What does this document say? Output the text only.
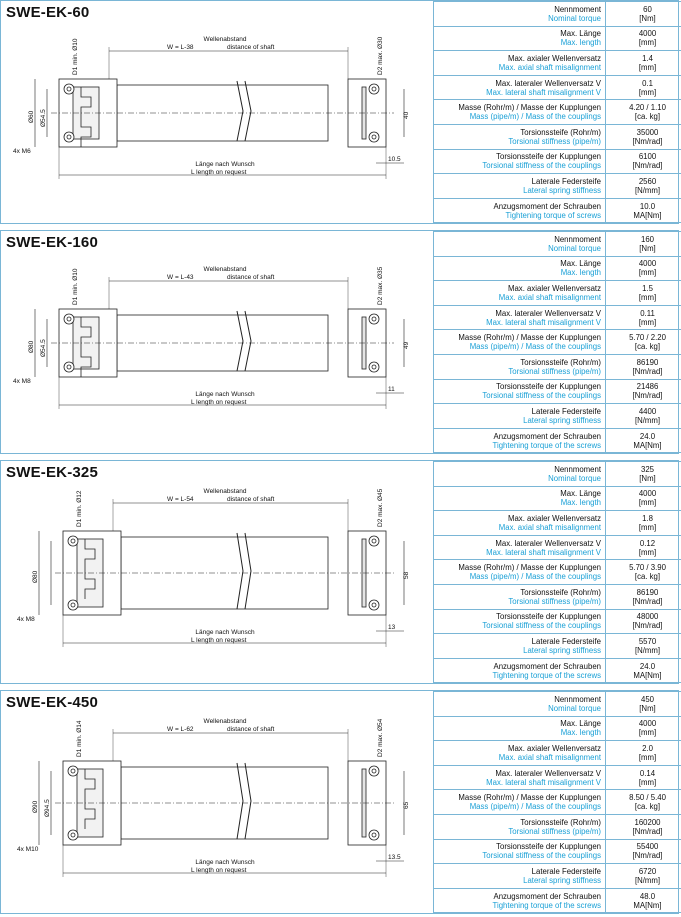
SWE-EK-60
Wellenabstand
W = L-38	distance of shaft
Länge nach Wunsch
L length on request
D1 min. Ø10	D2 max. Ø30
Ø60 Ø54.5
4x M6
40
10.5
Nennmoment
Nominal torque	60
[Nm]

Max. Länge
Max. length	4000
[mm]

Max. axialer Wellenversatz
Max. axial shaft misalignment	1.4
[mm]

Max. lateraler Wellenversatz V
Max. lateral shaft misalignment V	0.1
[mm]

Masse (Rohr/m) / Masse der Kupplungen
Mass (pipe/m) / Mass of the couplings	4.20 / 1.10
[ca. kg]

Torsionssteife (Rohr/m)
Torsional stiffness (pipe/m)	35000
[Nm/rad]

Torsionssteife der Kupplungen
Torsional stiffness of the couplings	6100
[Nm/rad]

Laterale Federsteife
Lateral spring stiffness	2560
[N/mm]

Anzugsmoment der Schrauben
Tightening torque of screws	10.0
MA[Nm]
SWE-EK-160
Wellenabstand
W = L-43	distance of shaft
Länge nach Wunsch
L length on request
D1 min. Ø10	D2 max. Ø35
Ø80 Ø54.5
4x M8
49
11
Nennmoment
Nominal torque	160
[Nm]

Max. Länge
Max. length	4000
[mm]

Max. axialer Wellenversatz
Max. axial shaft misalignment	1.5
[mm]

Max. lateraler Wellenversatz V
Max. lateral shaft misalignment V	0.11
[mm]

Masse (Rohr/m) / Masse der Kupplungen
Mass (pipe/m) / Mass of the couplings	5.70 / 2.20
[ca. kg]

Torsionssteife (Rohr/m)
Torsional stiffness (pipe/m)	86190
[Nm/rad]

Torsionssteife der Kupplungen
Torsional stiffness of the couplings	21486
[Nm/rad]

Laterale Federsteife
Lateral spring stiffness	4400
[N/mm]

Anzugsmoment der Schrauben
Tightening torque of the screws	24.0
MA[Nm]
SWE-EK-325
Wellenabstand
W = L-54	distance of shaft
Länge nach Wunsch
L length on request
D1 min. Ø12	D2 max. Ø45
Ø80
4x M8
58
13
Nennmoment
Nominal torque	325
[Nm]

Max. Länge
Max. length	4000
[mm]

Max. axialer Wellenversatz
Max. axial shaft misalignment	1.8
[mm]

Max. lateraler Wellenversatz V
Max. lateral shaft misalignment V	0.12
[mm]

Masse (Rohr/m) / Masse der Kupplungen
Mass (pipe/m) / Mass of the couplings	5.70 / 3.90
[ca. kg]

Torsionssteife (Rohr/m)
Torsional stiffness (pipe/m)	86190
[Nm/rad]

Torsionssteife der Kupplungen
Torsional stiffness of the couplings	48000
[Nm/rad]

Laterale Federsteife
Lateral spring stiffness	5570
[N/mm]

Anzugsmoment der Schrauben
Tightening torque of the screws	24.0
MA[Nm]
SWE-EK-450
Wellenabstand
W = L-62	distance of shaft
Länge nach Wunsch
L length on request
D1 min. Ø14	D2 max. Ø54
Ø90 Ø94.5
4x M10
65
13.5
Nennmoment
Nominal torque	450
[Nm]

Max. Länge
Max. length	4000
[mm]

Max. axialer Wellenversatz
Max. axial shaft misalignment	2.0
[mm]

Max. lateraler Wellenversatz V
Max. lateral shaft misalignment V	0.14
[mm]

Masse (Rohr/m) / Masse der Kupplungen
Mass (pipe/m) / Mass of the couplings	8.50 / 5.40
[ca. kg]

Torsionssteife (Rohr/m)
Torsional stiffness (pipe/m)	160200
[Nm/rad]

Torsionssteife der Kupplungen
Torsional stiffness of the couplings	55400
[Nm/rad]

Laterale Federsteife
Lateral spring stiffness	6720
[N/mm]

Anzugsmoment der Schrauben
Tightening torque of the screws	48.0
MA[Nm]
